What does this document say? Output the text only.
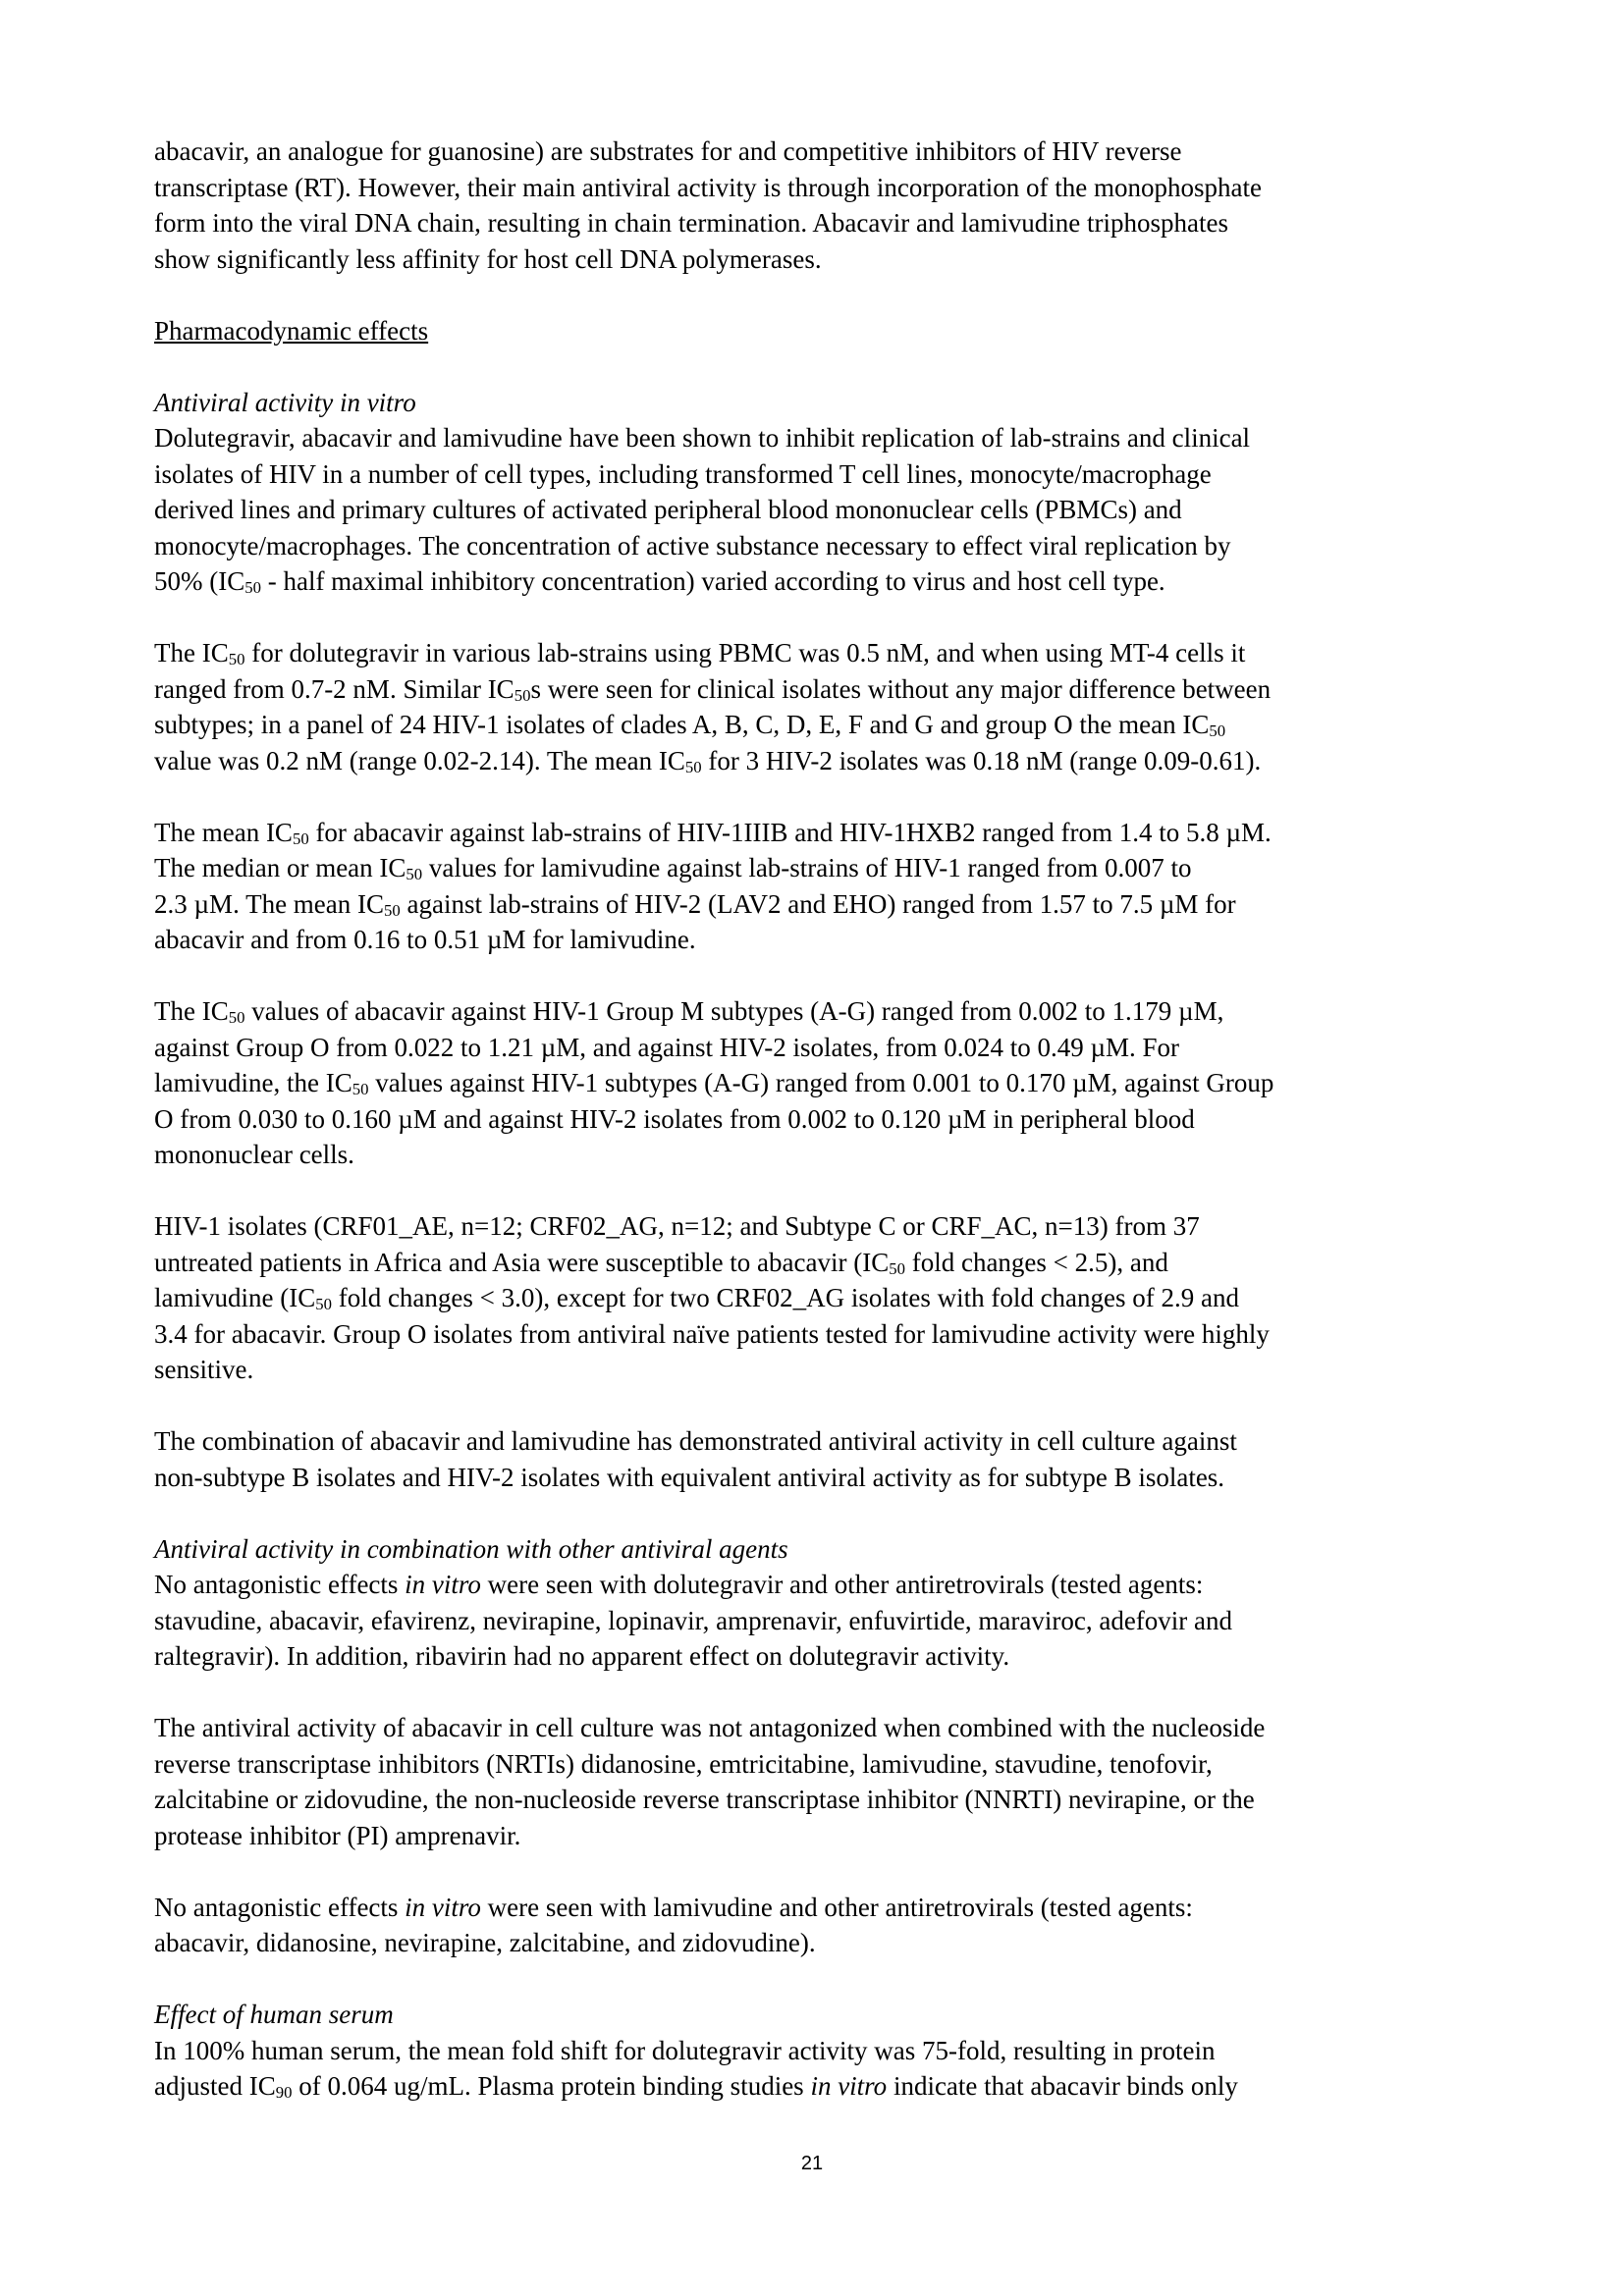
abacavir, an analogue for guanosine) are substrates for and competitive inhibitors of HIV reverse
transcriptase (RT). However, their main antiviral activity is through incorporation of the monophosphate
form into the viral DNA chain, resulting in chain termination. Abacavir and lamivudine triphosphates
show significantly less affinity for host cell DNA polymerases.

Pharmacodynamic effects

Antiviral activity in vitro

Dolutegravir, abacavir and lamivudine have been shown to inhibit replication of lab-strains and clinical
isolates of HIV in a number of cell types, including transformed T cell lines, monocyte/macrophage
derived lines and primary cultures of activated peripheral blood mononuclear cells (PBMCs) and
monocyte/macrophages. The concentration of active substance necessary to effect viral replication by
50% ($IC_{50}$ - half maximal inhibitory concentration) varied according to virus and host cell type.

The $IC_{50}$ for dolutegravir in various lab-strains using PBMC was 0.5 nM, and when using MT-4 cells it
ranged from 0.7-2 nM. Similar $IC_{50}s$ were seen for clinical isolates without any major difference between
subtypes; in a panel of 24 HIV-1 isolates of clades A, B, C, D, E, F and G and group O the mean $IC_{50}$
value was 0.2 nM (range 0.02-2.14). The mean $IC_{50}$ for 3 HIV-2 isolates was 0.18 nM (range 0.09-0.61).

The mean $IC_{50}$ for abacavir against lab-strains of HIV-1IIIB and HIV-1HXB2 ranged from 1.4 to 5.8 µM.
The median or mean $IC_{50}$ values for lamivudine against lab-strains of HIV-1 ranged from 0.007 to
2.3 µM. The mean $IC_{50}$ against lab-strains of HIV-2 (LAV2 and EHO) ranged from 1.57 to 7.5 µM for
abacavir and from 0.16 to 0.51 µM for lamivudine.

The $IC_{50}$ values of abacavir against HIV-1 Group M subtypes (A-G) ranged from 0.002 to 1.179 µM,
against Group O from 0.022 to 1.21 µM, and against HIV-2 isolates, from 0.024 to 0.49 µM. For
lamivudine, the $IC_{50}$ values against HIV-1 subtypes (A-G) ranged from 0.001 to 0.170 µM, against Group
O from 0.030 to 0.160 µM and against HIV-2 isolates from 0.002 to 0.120 µM in peripheral blood
mononuclear cells.

HIV-1 isolates (CRF01_AE, n=12; CRF02_AG, n=12; and Subtype C or CRF_AC, n=13) from 37
untreated patients in Africa and Asia were susceptible to abacavir ($IC_{50}$ fold changes < 2.5), and
lamivudine ($IC_{50}$ fold changes < 3.0), except for two CRF02_AG isolates with fold changes of 2.9 and
3.4 for abacavir. Group O isolates from antiviral naïve patients tested for lamivudine activity were highly
sensitive.

The combination of abacavir and lamivudine has demonstrated antiviral activity in cell culture against
non-subtype B isolates and HIV-2 isolates with equivalent antiviral activity as for subtype B isolates.

Antiviral activity in combination with other antiviral agents

No antagonistic effects in vitro were seen with dolutegravir and other antiretrovirals (tested agents:
stavudine, abacavir, efavirenz, nevirapine, lopinavir, amprenavir, enfuvirtide, maraviroc, adefovir and
raltegravir). In addition, ribavirin had no apparent effect on dolutegravir activity.

The antiviral activity of abacavir in cell culture was not antagonized when combined with the nucleoside
reverse transcriptase inhibitors (NRTIs) didanosine, emtricitabine, lamivudine, stavudine, tenofovir,
zalcitabine or zidovudine, the non-nucleoside reverse transcriptase inhibitor (NNRTI) nevirapine, or the
protease inhibitor (PI) amprenavir.

No antagonistic effects in vitro were seen with lamivudine and other antiretrovirals (tested agents:
abacavir, didanosine, nevirapine, zalcitabine, and zidovudine).

Effect of human serum

In 100% human serum, the mean fold shift for dolutegravir activity was 75-fold, resulting in protein
adjusted $IC_{90}$ of 0.064 ug/mL. Plasma protein binding studies in vitro indicate that abacavir binds only

21
